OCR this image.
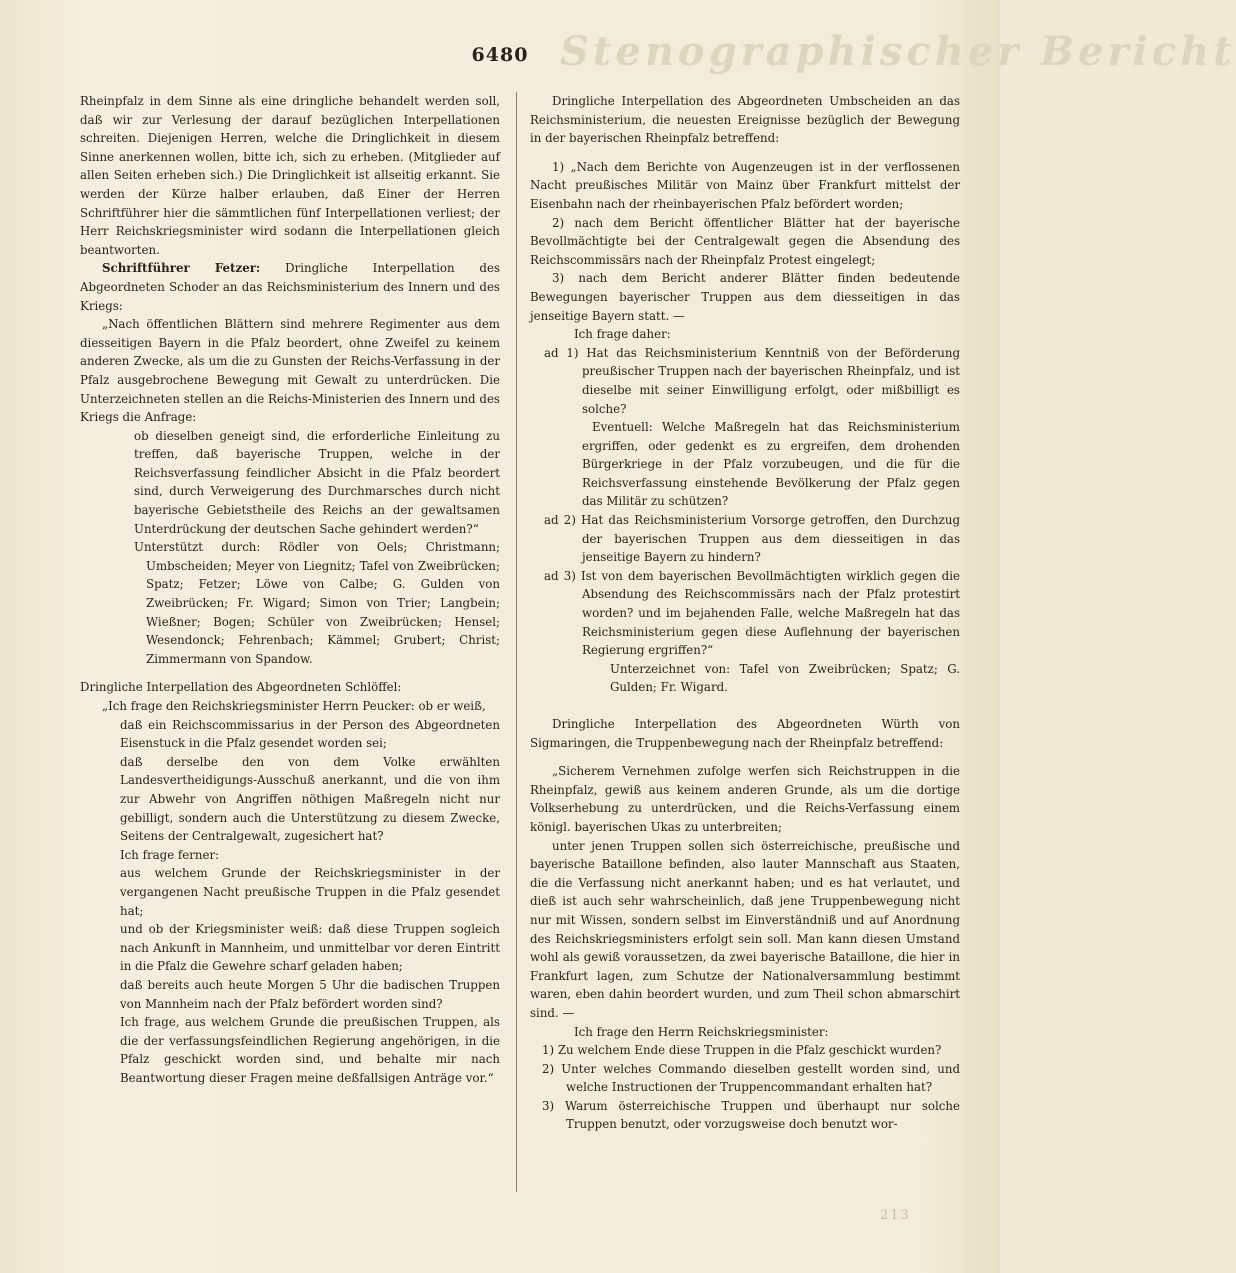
Stenographischer Bericht
6480

Rheinpfalz in dem Sinne als eine dringliche behandelt werden soll, daß wir zur Verlesung der darauf bezüglichen Interpellationen schreiten. Diejenigen Herren, welche die Dringlichkeit in diesem Sinne anerkennen wollen, bitte ich, sich zu erheben. (Mitglieder auf allen Seiten erheben sich.) Die Dringlichkeit ist allseitig erkannt. Sie werden der Kürze halber erlauben, daß Einer der Herren Schriftführer hier die sämmtlichen fünf Interpellationen verliest; der Herr Reichskriegsminister wird sodann die Interpellationen gleich beantworten.

Schriftführer Fetzer: Dringliche Interpellation des Abgeordneten Schoder an das Reichsministerium des Innern und des Kriegs:

„Nach öffentlichen Blättern sind mehrere Regimenter aus dem diesseitigen Bayern in die Pfalz beordert, ohne Zweifel zu keinem anderen Zwecke, als um die zu Gunsten der Reichs-Verfassung in der Pfalz ausgebrochene Bewegung mit Gewalt zu unterdrücken. Die Unterzeichneten stellen an die Reichs-Ministerien des Innern und des Kriegs die Anfrage:

ob dieselben geneigt sind, die erforderliche Einleitung zu treffen, daß bayerische Truppen, welche in der Reichsverfassung feindlicher Absicht in die Pfalz beordert sind, durch Verweigerung des Durchmarsches durch nicht bayerische Gebietstheile des Reichs an der gewaltsamen Unterdrückung der deutschen Sache gehindert werden?“

Unterstützt durch: Rödler von Oels; Christmann; Umbscheiden; Meyer von Liegnitz; Tafel von Zweibrücken; Spatz; Fetzer; Löwe von Calbe; G. Gulden von Zweibrücken; Fr. Wigard; Simon von Trier; Langbein; Wießner; Bogen; Schüler von Zweibrücken; Hensel; Wesendonck; Fehrenbach; Kämmel; Grubert; Christ; Zimmermann von Spandow.

Dringliche Interpellation des Abgeordneten Schlöffel:

„Ich frage den Reichskriegsminister Herrn Peucker: ob er weiß,

daß ein Reichscommissarius in der Person des Abgeordneten Eisenstuck in die Pfalz gesendet worden sei;

daß derselbe den von dem Volke erwählten Landesvertheidigungs-Ausschuß anerkannt, und die von ihm zur Abwehr von Angriffen nöthigen Maßregeln nicht nur gebilligt, sondern auch die Unterstützung zu diesem Zwecke, Seitens der Centralgewalt, zugesichert hat?

Ich frage ferner:

aus welchem Grunde der Reichskriegsminister in der vergangenen Nacht preußische Truppen in die Pfalz gesendet hat;

und ob der Kriegsminister weiß: daß diese Truppen sogleich nach Ankunft in Mannheim, und unmittelbar vor deren Eintritt in die Pfalz die Gewehre scharf geladen haben;

daß bereits auch heute Morgen 5 Uhr die badischen Truppen von Mannheim nach der Pfalz befördert worden sind?

Ich frage, aus welchem Grunde die preußischen Truppen, als die der verfassungsfeindlichen Regierung angehörigen, in die Pfalz geschickt worden sind, und behalte mir nach Beantwortung dieser Fragen meine deßfallsigen Anträge vor.“

Dringliche Interpellation des Abgeordneten Umbscheiden an das Reichsministerium, die neuesten Ereignisse bezüglich der Bewegung in der bayerischen Rheinpfalz betreffend:

1) „Nach dem Berichte von Augenzeugen ist in der verflossenen Nacht preußisches Militär von Mainz über Frankfurt mittelst der Eisenbahn nach der rheinbayerischen Pfalz befördert worden;

2) nach dem Bericht öffentlicher Blätter hat der bayerische Bevollmächtigte bei der Centralgewalt gegen die Absendung des Reichscommissärs nach der Rheinpfalz Protest eingelegt;

3) nach dem Bericht anderer Blätter finden bedeutende Bewegungen bayerischer Truppen aus dem diesseitigen in das jenseitige Bayern statt. —

Ich frage daher:

ad 1) Hat das Reichsministerium Kenntniß von der Beförderung preußischer Truppen nach der bayerischen Rheinpfalz, und ist dieselbe mit seiner Einwilligung erfolgt, oder mißbilligt es solche?

Eventuell: Welche Maßregeln hat das Reichsministerium ergriffen, oder gedenkt es zu ergreifen, dem drohenden Bürgerkriege in der Pfalz vorzubeugen, und die für die Reichsverfassung einstehende Bevölkerung der Pfalz gegen das Militär zu schützen?

ad 2) Hat das Reichsministerium Vorsorge getroffen, den Durchzug der bayerischen Truppen aus dem diesseitigen in das jenseitige Bayern zu hindern?

ad 3) Ist von dem bayerischen Bevollmächtigten wirklich gegen die Absendung des Reichscommissärs nach der Pfalz protestirt worden? und im bejahenden Falle, welche Maßregeln hat das Reichsministerium gegen diese Auflehnung der bayerischen Regierung ergriffen?“

Unterzeichnet von: Tafel von Zweibrücken; Spatz; G. Gulden; Fr. Wigard.

Dringliche Interpellation des Abgeordneten Würth von Sigmaringen, die Truppenbewegung nach der Rheinpfalz betreffend:

„Sicherem Vernehmen zufolge werfen sich Reichstruppen in die Rheinpfalz, gewiß aus keinem anderen Grunde, als um die dortige Volkserhebung zu unterdrücken, und die Reichs-Verfassung einem königl. bayerischen Ukas zu unterbreiten;

unter jenen Truppen sollen sich österreichische, preußische und bayerische Bataillone befinden, also lauter Mannschaft aus Staaten, die die Verfassung nicht anerkannt haben; und es hat verlautet, und dieß ist auch sehr wahrscheinlich, daß jene Truppenbewegung nicht nur mit Wissen, sondern selbst im Einverständniß und auf Anordnung des Reichskriegsministers erfolgt sein soll. Man kann diesen Umstand wohl als gewiß voraussetzen, da zwei bayerische Bataillone, die hier in Frankfurt lagen, zum Schutze der Nationalversammlung bestimmt waren, eben dahin beordert wurden, und zum Theil schon abmarschirt sind. —

Ich frage den Herrn Reichskriegsminister:

1) Zu welchem Ende diese Truppen in die Pfalz geschickt wurden?

2) Unter welches Commando dieselben gestellt worden sind, und welche Instructionen der Truppencommandant erhalten hat?

3) Warum österreichische Truppen und überhaupt nur solche Truppen benutzt, oder vorzugsweise doch benutzt wor-

213
